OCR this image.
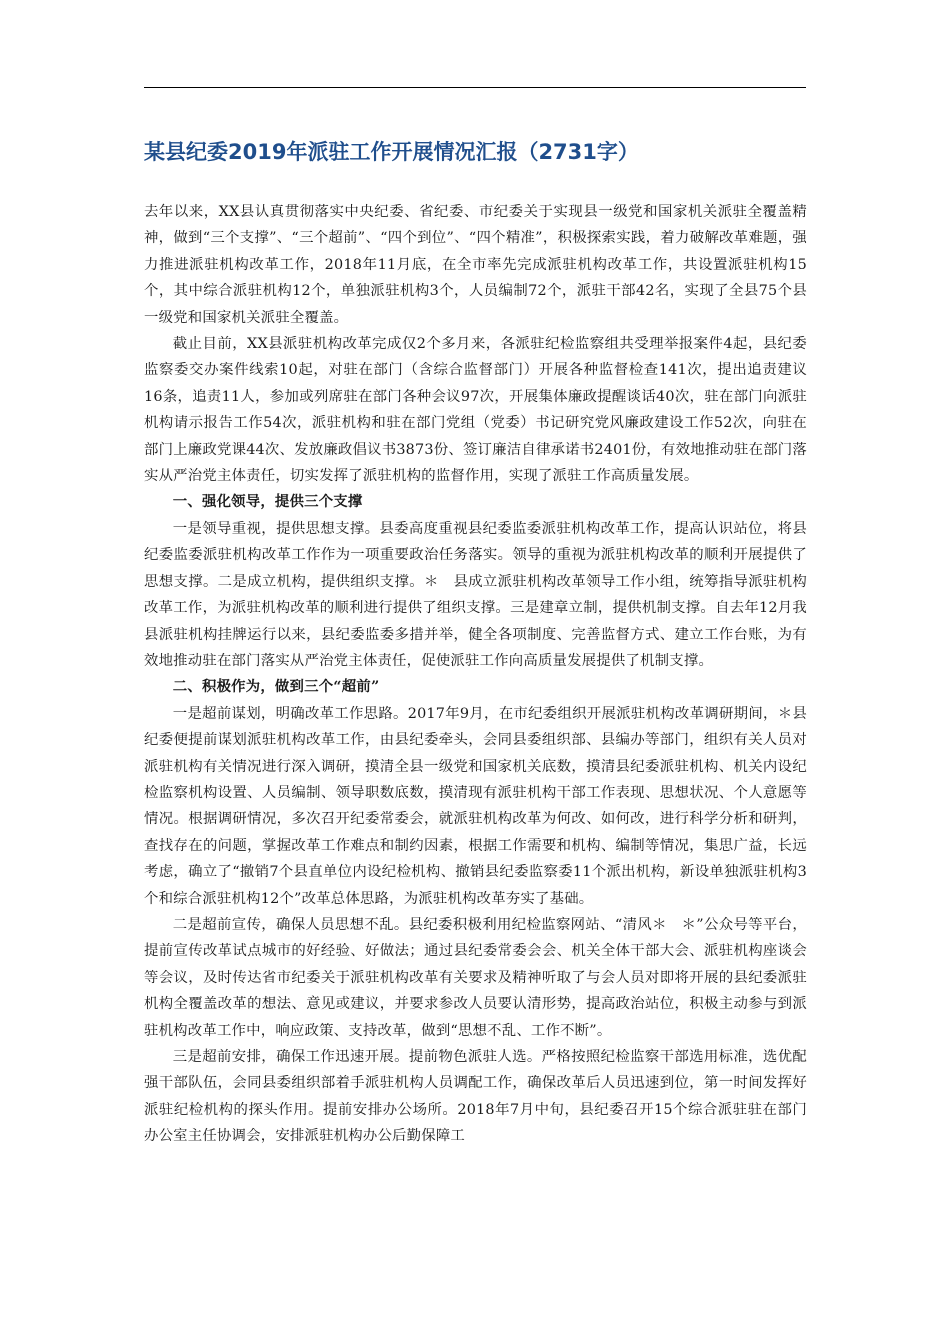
某县纪委2019年派驻工作开展情况汇报（2731字）

去年以来，XX县认真贯彻落实中央纪委、省纪委、市纪委关于实现县一级党和国家机关派驻全覆盖精神，做到“三个支撑”、“三个超前”、“四个到位”、“四个精准”，积极探索实践，着力破解改革难题，强力推进派驻机构改革工作，2018年11月底，在全市率先完成派驻机构改革工作，共设置派驻机构15个，其中综合派驻机构12个，单独派驻机构3个，人员编制72个，派驻干部42名，实现了全县75个县一级党和国家机关派驻全覆盖。

截止目前，XX县派驻机构改革完成仅2个多月来，各派驻纪检监察组共受理举报案件4起，县纪委监察委交办案件线索10起，对驻在部门（含综合监督部门）开展各种监督检查141次，提出追责建议16条，追责11人，参加或列席驻在部门各种会议97次，开展集体廉政提醒谈话40次，驻在部门向派驻机构请示报告工作54次，派驻机构和驻在部门党组（党委）书记研究党风廉政建设工作52次，向驻在部门上廉政党课44次、发放廉政倡议书3873份、签订廉洁自律承诺书2401份，有效地推动驻在部门落实从严治党主体责任，切实发挥了派驻机构的监督作用，实现了派驻工作高质量发展。

一、强化领导，提供三个支撑

一是领导重视，提供思想支撑。县委高度重视县纪委监委派驻机构改革工作，提高认识站位，将县纪委监委派驻机构改革工作作为一项重要政治任务落实。领导的重视为派驻机构改革的顺利开展提供了思想支撑。二是成立机构，提供组织支撑。＊　县成立派驻机构改革领导工作小组，统筹指导派驻机构改革工作，为派驻机构改革的顺利进行提供了组织支撑。三是建章立制，提供机制支撑。自去年12月我县派驻机构挂牌运行以来，县纪委监委多措并举，健全各项制度、完善监督方式、建立工作台账，为有效地推动驻在部门落实从严治党主体责任，促使派驻工作向高质量发展提供了机制支撑。

二、积极作为，做到三个“超前”

一是超前谋划，明确改革工作思路。2017年9月，在市纪委组织开展派驻机构改革调研期间，＊县纪委便提前谋划派驻机构改革工作，由县纪委牵头，会同县委组织部、县编办等部门，组织有关人员对派驻机构有关情况进行深入调研，摸清全县一级党和国家机关底数，摸清县纪委派驻机构、机关内设纪检监察机构设置、人员编制、领导职数底数，摸清现有派驻机构干部工作表现、思想状况、个人意愿等情况。根据调研情况，多次召开纪委常委会，就派驻机构改革为何改、如何改，进行科学分析和研判，查找存在的问题，掌握改革工作难点和制约因素，根据工作需要和机构、编制等情况，集思广益，长远考虑，确立了“撤销7个县直单位内设纪检机构、撤销县纪委监察委11个派出机构，新设单独派驻机构3个和综合派驻机构12个”改革总体思路，为派驻机构改革夯实了基础。

二是超前宣传，确保人员思想不乱。县纪委积极利用纪检监察网站、“清风＊　＊”公众号等平台，提前宣传改革试点城市的好经验、好做法；通过县纪委常委会会、机关全体干部大会、派驻机构座谈会等会议，及时传达省市纪委关于派驻机构改革有关要求及精神听取了与会人员对即将开展的县纪委派驻机构全覆盖改革的想法、意见或建议，并要求参改人员要认清形势，提高政治站位，积极主动参与到派驻机构改革工作中，响应政策、支持改革，做到“思想不乱、工作不断”。

三是超前安排，确保工作迅速开展。提前物色派驻人选。严格按照纪检监察干部选用标准，选优配强干部队伍，会同县委组织部着手派驻机构人员调配工作，确保改革后人员迅速到位，第一时间发挥好派驻纪检机构的探头作用。提前安排办公场所。2018年7月中旬，县纪委召开15个综合派驻驻在部门办公室主任协调会，安排派驻机构办公后勤保障工
